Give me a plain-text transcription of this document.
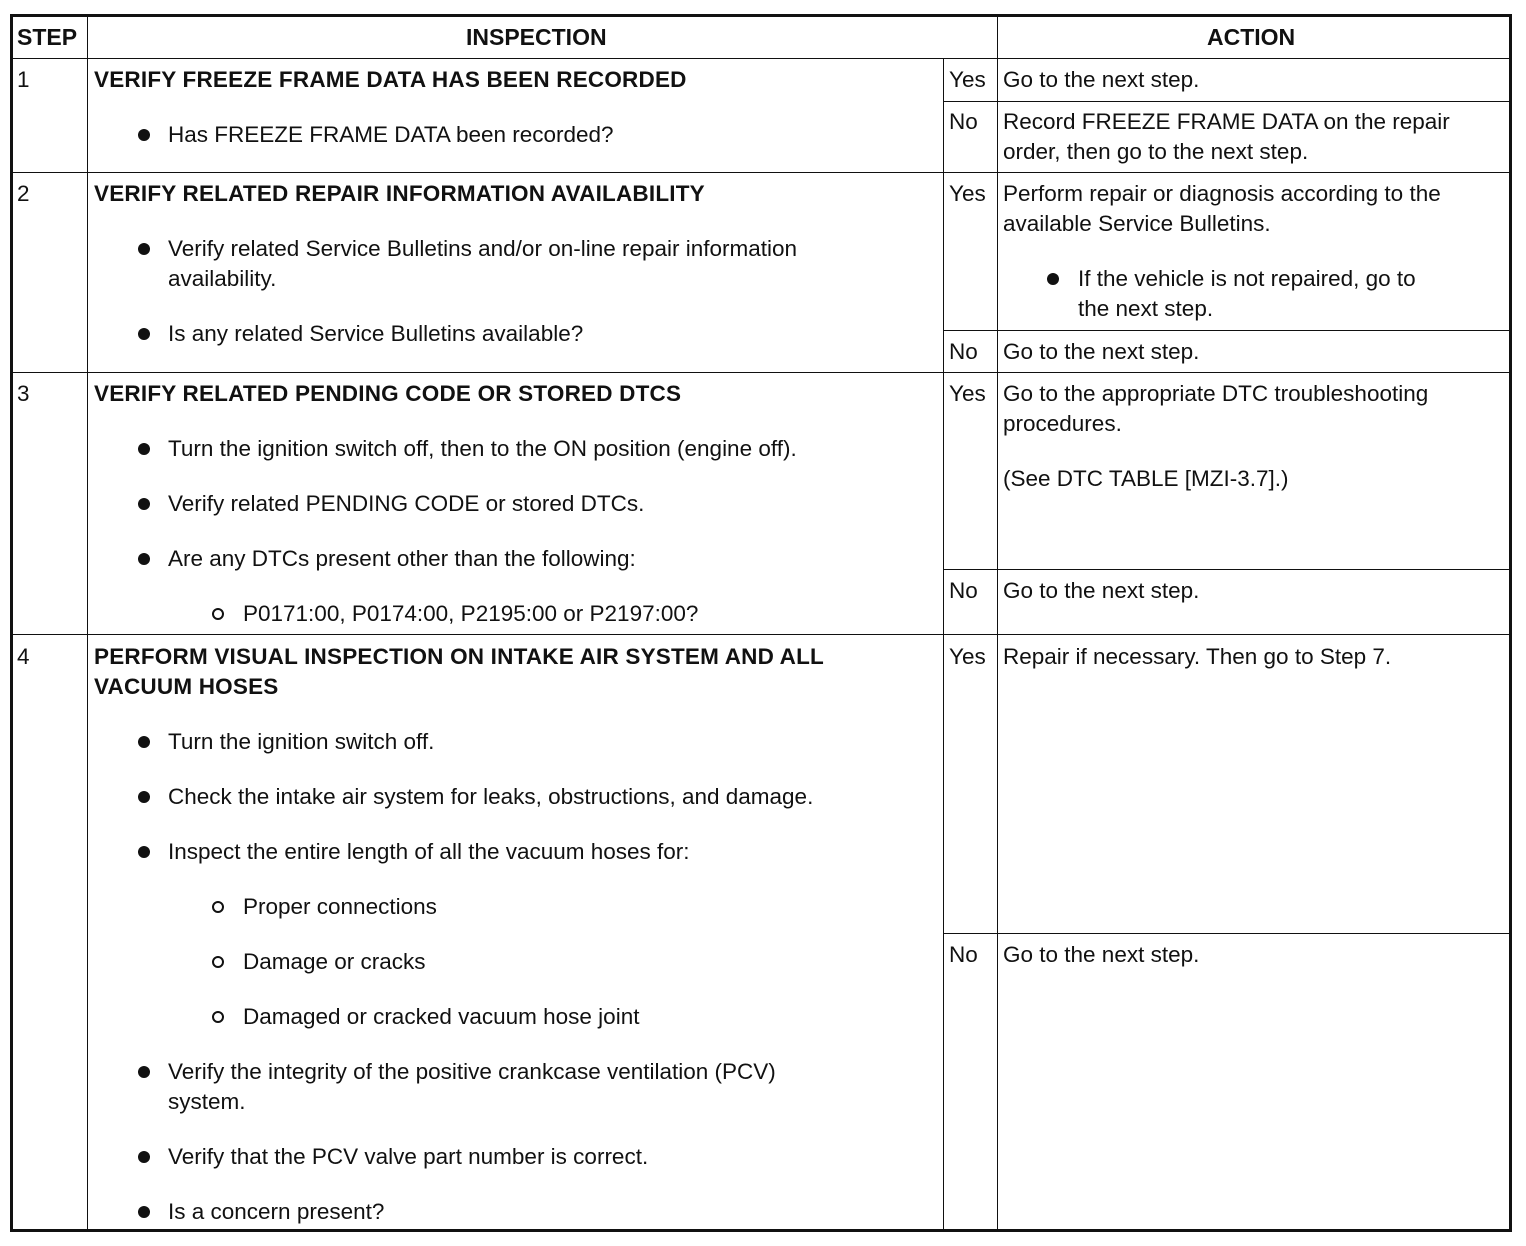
STEP	INSPECTION	ACTION
1	VERIFY FREEZE FRAME DATA HAS BEEN RECORDED
Has FREEZE FRAME DATA been recorded?
Yes Go to the next step.
No Record FREEZE FRAME DATA on the repair
order, then go to the next step.
2	VERIFY RELATED REPAIR INFORMATION AVAILABILITY
Verify related Service Bulletins and/or on-line repair information
availability.
Is any related Service Bulletins available?
Yes Perform repair or diagnosis according to the
available Service Bulletins.
If the vehicle is not repaired, go to
the next step.
No Go to the next step.
3	VERIFY RELATED PENDING CODE OR STORED DTCS
Turn the ignition switch off, then to the ON position (engine off).
Verify related PENDING CODE or stored DTCs.
Are any DTCs present other than the following:
P0171:00, P0174:00, P2195:00 or P2197:00?
Yes Go to the appropriate DTC troubleshooting
procedures.
(See DTC TABLE [MZI-3.7].)
No Go to the next step.
4	PERFORM VISUAL INSPECTION ON INTAKE AIR SYSTEM AND ALL
VACUUM HOSES
Turn the ignition switch off.
Check the intake air system for leaks, obstructions, and damage.
Inspect the entire length of all the vacuum hoses for:
Proper connections
Damage or cracks
Damaged or cracked vacuum hose joint
Verify the integrity of the positive crankcase ventilation (PCV)
system.
Verify that the PCV valve part number is correct.
Is a concern present?
Yes Repair if necessary. Then go to Step 7.
No Go to the next step.
